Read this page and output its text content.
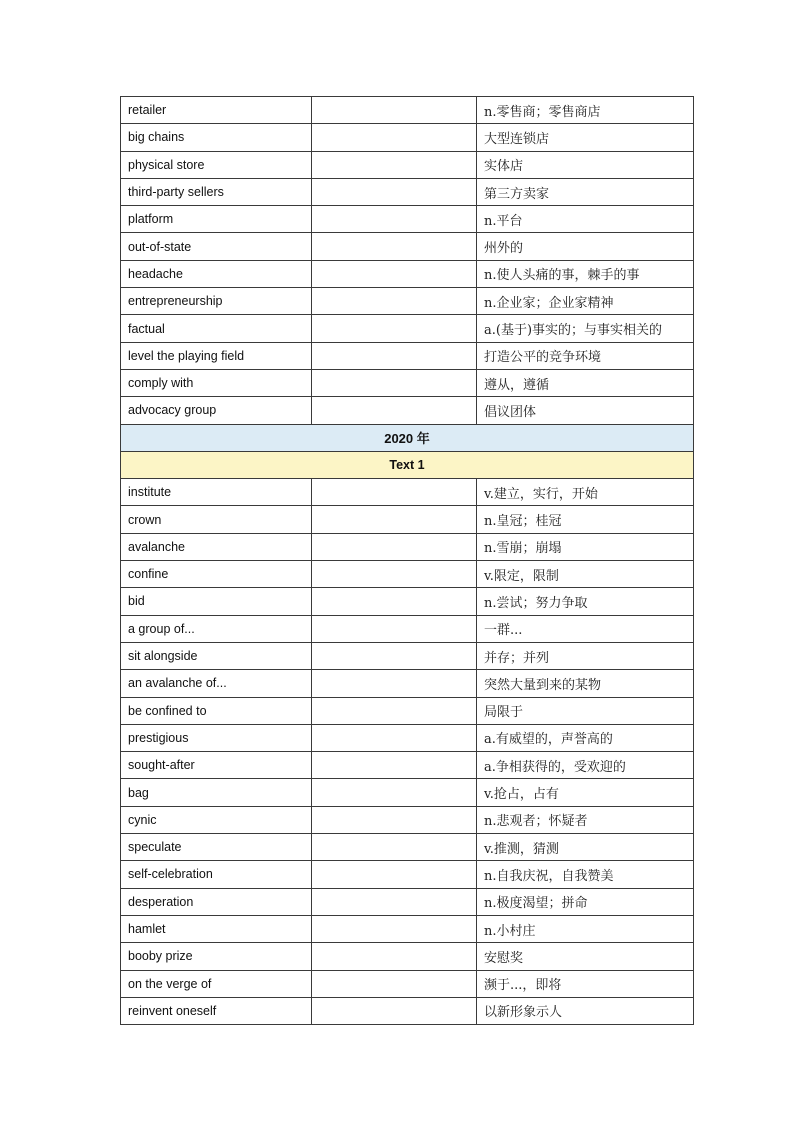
retailer		n.零售商；零售商店
big chains		大型连锁店
physical store		实体店
third-party sellers		第三方卖家
platform		n.平台
out-of-state		州外的
headache		n.使人头痛的事，棘手的事
entrepreneurship		n.企业家；企业家精神
factual		a.(基于)事实的；与事实相关的
level the playing field		打造公平的竞争环境
comply with		遵从，遵循
advocacy group		倡议团体
2020 年		
Text 1		
institute		v.建立，实行，开始
crown		n.皇冠；桂冠
avalanche		n.雪崩；崩塌
confine		v.限定，限制
bid		n.尝试；努力争取
a group of...		一群...
sit alongside		并存；并列
an avalanche of...		突然大量到来的某物
be confined to		局限于
prestigious		a.有威望的，声誉高的
sought-after		a.争相获得的，受欢迎的
bag		v.抢占，占有
cynic		n.悲观者；怀疑者
speculate		v.推测，猜测
self-celebration		n.自我庆祝，自我赞美
desperation		n.极度渴望；拼命
hamlet		n.小村庄
booby prize		安慰奖
on the verge of		濒于...，即将
reinvent oneself		以新形象示人
